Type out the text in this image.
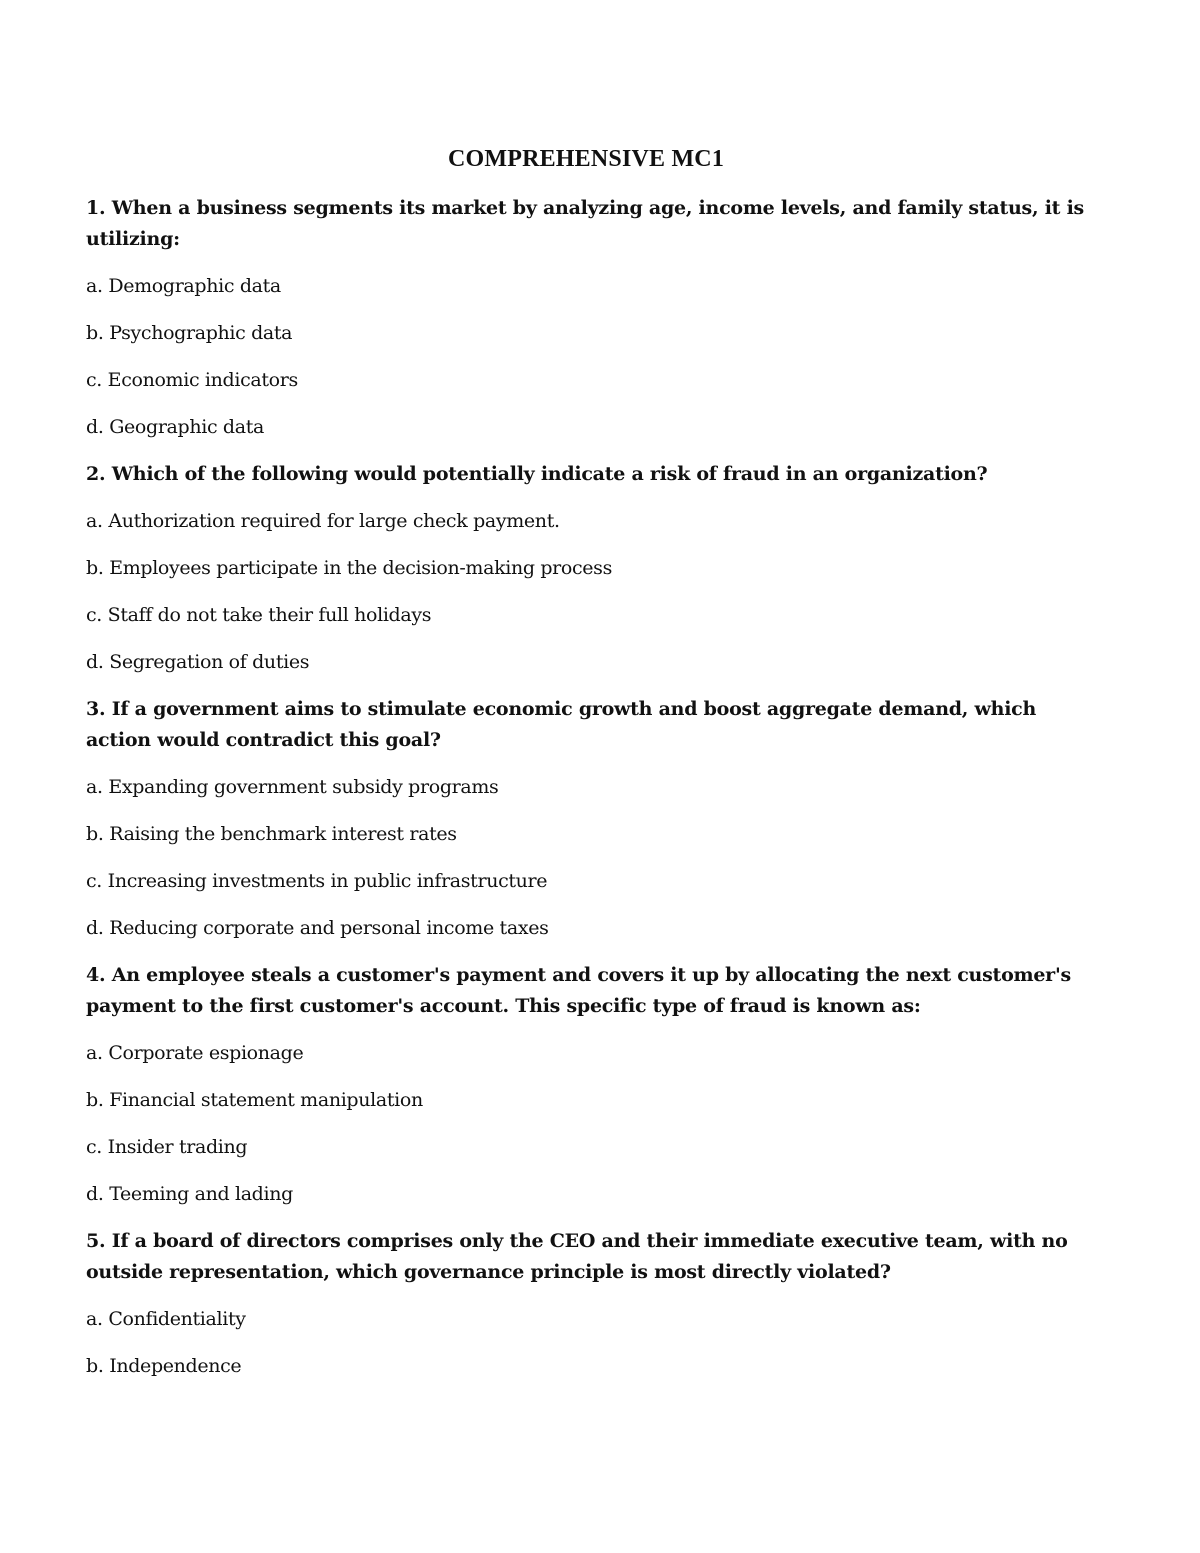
COMPREHENSIVE MC1

1. When a business segments its market by analyzing age, income levels, and family status, it is utilizing:

a. Demographic data

b. Psychographic data

c. Economic indicators

d. Geographic data

2. Which of the following would potentially indicate a risk of fraud in an organization?

a. Authorization required for large check payment.

b. Employees participate in the decision-making process

c. Staff do not take their full holidays

d. Segregation of duties

3. If a government aims to stimulate economic growth and boost aggregate demand, which action would contradict this goal?

a. Expanding government subsidy programs

b. Raising the benchmark interest rates

c. Increasing investments in public infrastructure

d. Reducing corporate and personal income taxes

4. An employee steals a customer's payment and covers it up by allocating the next customer's payment to the first customer's account. This specific type of fraud is known as:

a. Corporate espionage

b. Financial statement manipulation

c. Insider trading

d. Teeming and lading

5. If a board of directors comprises only the CEO and their immediate executive team, with no outside representation, which governance principle is most directly violated?

a. Confidentiality

b. Independence
